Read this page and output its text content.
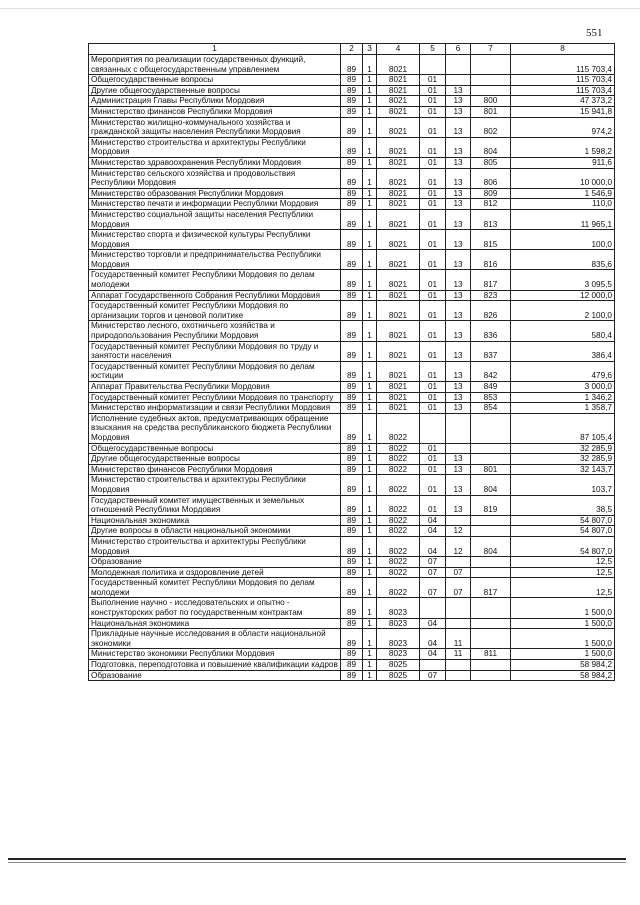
551
1	2	3	4	5	6	7	8
Мероприятия по реализации государственных функций, связанных с общегосударственным управлением	89	1	8021				115 703,4
Общегосударственные вопросы	89	1	8021	01			115 703,4
Другие общегосударственные вопросы	89	1	8021	01	13		115 703,4
Администрация Главы Республики Мордовия	89	1	8021	01	13	800	47 373,2
Министерство финансов Республики Мордовия	89	1	8021	01	13	801	15 941,8
Министерство жилищно-коммунального хозяйства и гражданской защиты населения Республики Мордовия	89	1	8021	01	13	802	974,2
Министерство строительства и архитектуры Республики Мордовия	89	1	8021	01	13	804	1 598,2
Министерство здравоохранения Республики Мордовия	89	1	8021	01	13	805	911,6
Министерство сельского хозяйства и продовольствия Республики Мордовия	89	1	8021	01	13	806	10 000,0
Министерство образования Республики Мордовия	89	1	8021	01	13	809	1 546,9
Министерство печати и информации Республики Мордовия	89	1	8021	01	13	812	110,0
Министерство социальной защиты населения Республики Мордовия	89	1	8021	01	13	813	11 965,1
Министерство спорта и физической культуры Республики Мордовия	89	1	8021	01	13	815	100,0
Министерство торговли и предпринимательства Республики Мордовия	89	1	8021	01	13	816	835,6
Государственный комитет Республики Мордовия по делам молодежи	89	1	8021	01	13	817	3 095,5
Аппарат Государственного Собрания Республики Мордовия	89	1	8021	01	13	823	12 000,0
Государственный комитет Республики Мордовия по организации торгов и ценовой политике	89	1	8021	01	13	826	2 100,0
Министерство лесного, охотничьего хозяйства и природопользования Республики Мордовия	89	1	8021	01	13	836	580,4
Государственный комитет Республики Мордовия по труду и занятости населения	89	1	8021	01	13	837	386,4
Государственный комитет Республики Мордовия по делам юстиции	89	1	8021	01	13	842	479,6
Аппарат Правительства Республики Мордовия	89	1	8021	01	13	849	3 000,0
Государственный комитет Республики Мордовия по транспорту	89	1	8021	01	13	853	1 346,2
Министерство информатизации и связи Республики Мордовия	89	1	8021	01	13	854	1 358,7
Исполнение судебных актов, предусматривающих обращение взыскания на средства республиканского бюджета Республики Мордовия	89	1	8022				87 105,4
Общегосударственные вопросы	89	1	8022	01			32 285,9
Другие общегосударственные вопросы	89	1	8022	01	13		32 285,9
Министерство финансов Республики Мордовия	89	1	8022	01	13	801	32 143,7
Министерство строительства и архитектуры Республики Мордовия	89	1	8022	01	13	804	103,7
Государственный комитет имущественных и земельных отношений Республики Мордовия	89	1	8022	01	13	819	38,5
Национальная экономика	89	1	8022	04			54 807,0
Другие вопросы в области национальной экономики	89	1	8022	04	12		54 807,0
Министерство строительства и архитектуры Республики Мордовия	89	1	8022	04	12	804	54 807,0
Образование	89	1	8022	07			12,5
Молодежная политика и оздоровление детей	89	1	8022	07	07		12,5
Государственный комитет Республики Мордовия по делам молодежи	89	1	8022	07	07	817	12,5
Выполнение научно - исследовательских и опытно - конструкторских работ по государственным контрактам	89	1	8023				1 500,0
Национальная экономика	89	1	8023	04			1 500,0
Прикладные научные исследования в области национальной экономики	89	1	8023	04	11		1 500,0
Министерство экономики Республики Мордовия	89	1	8023	04	11	811	1 500,0
Подготовка, переподготовка и повышение квалификации кадров	89	1	8025				58 984,2
Образование	89	1	8025	07			58 984,2
